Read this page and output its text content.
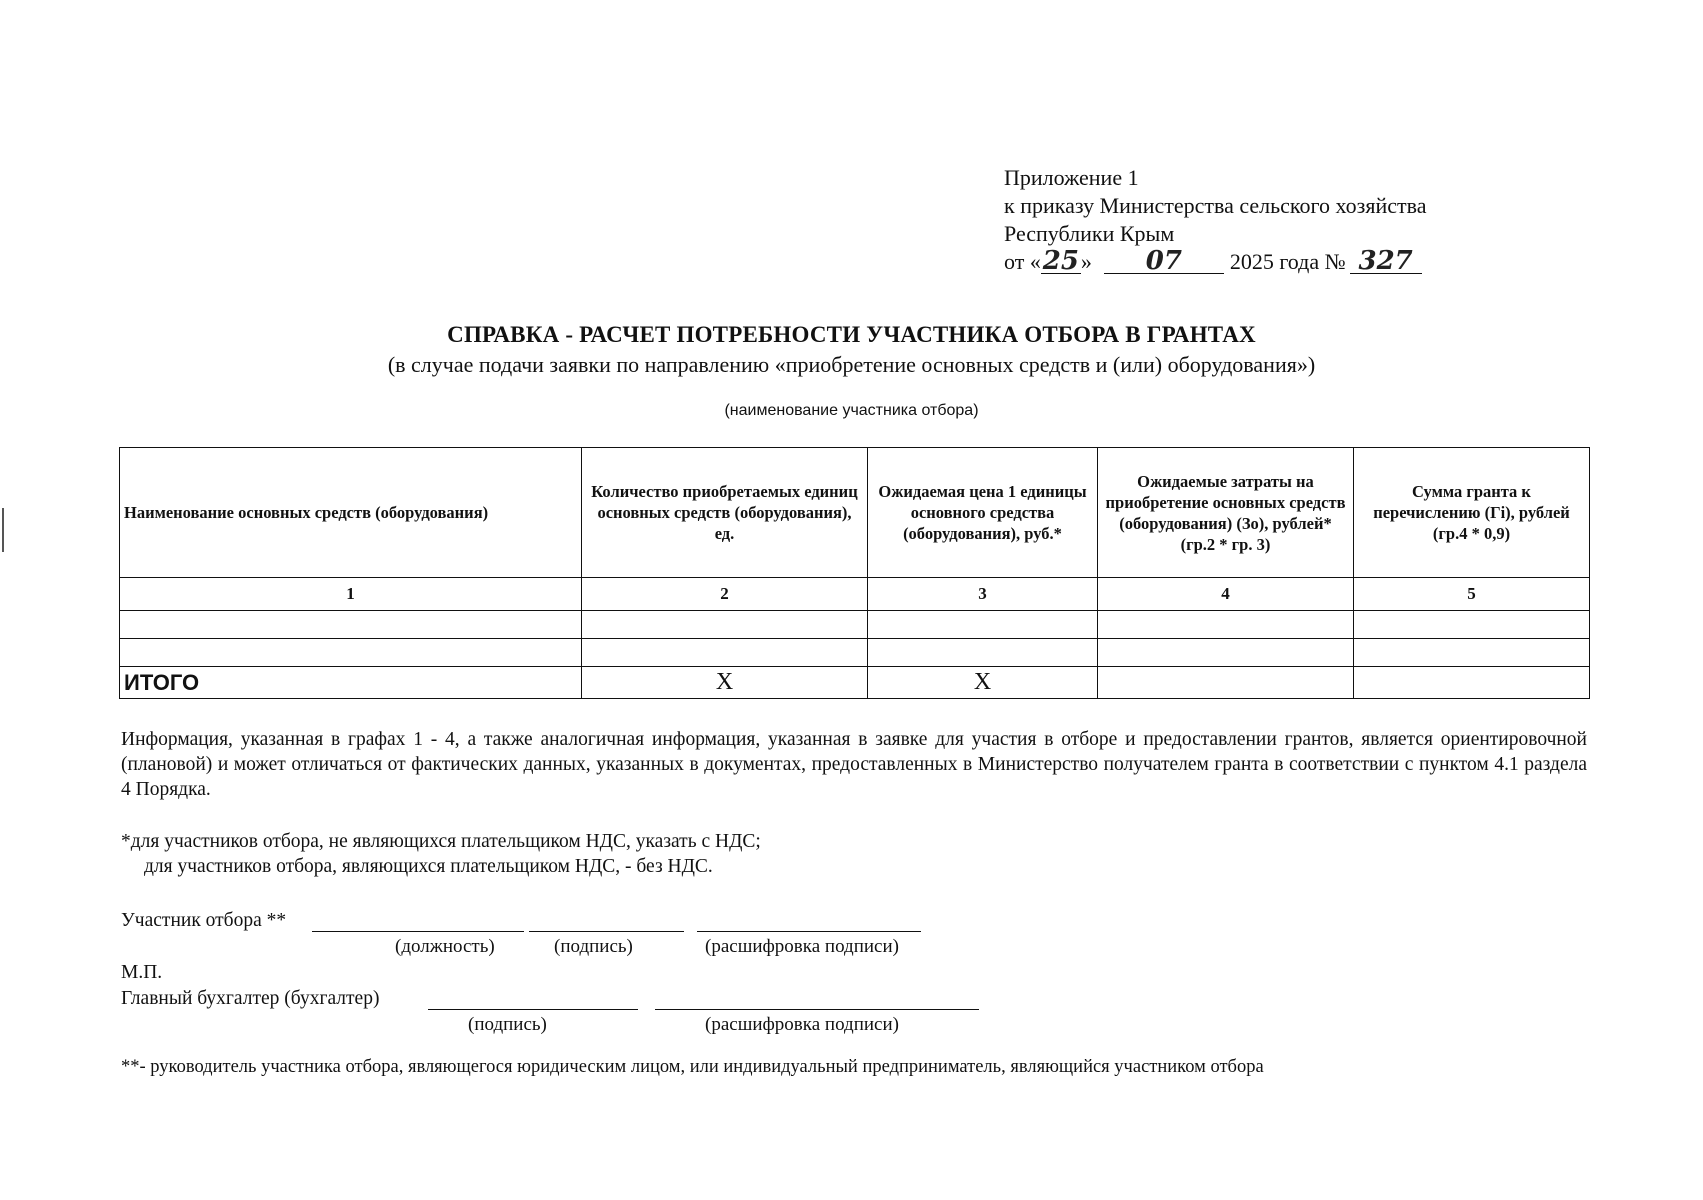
Приложение 1
к приказу Министерства сельского хозяйства
Республики Крым
от «25» 07 2025 года № 327
СПРАВКА - РАСЧЕТ ПОТРЕБНОСТИ УЧАСТНИКА ОТБОРА В ГРАНТАХ
(в случае подачи заявки по направлению «приобретение основных средств и (или) оборудования»)
(наименование участника отбора)
Наименование основных средств (оборудования)	Количество приобретаемых единиц основных средств (оборудования), ед.	Ожидаемая цена 1 единицы основного средства (оборудования), руб.*	Ожидаемые затраты на приобретение основных средств (оборудования) (Зо), рублей* (гр.2 * гр. 3)	Сумма гранта к перечислению (Гi), рублей (гр.4 * 0,9)
1	2	3	4	5

ИТОГО	X	X		
Информация, указанная в графах 1 - 4, а также аналогичная информация, указанная в заявке для участия в отборе и предоставлении грантов, является ориентировочной (плановой) и может отличаться от фактических данных, указанных в документах, предоставленных в Министерство получателем гранта в соответствии с пунктом 4.1 раздела 4 Порядка.
*для участников отбора, не являющихся плательщиком НДС, указать с НДС;
для участников отбора, являющихся плательщиком НДС, - без НДС.
Участник отбора **
(должность)	(подпись)	(расшифровка подписи)
М.П.
Главный бухгалтер (бухгалтер)
(подпись)	(расшифровка подписи)
**- руководитель участника отбора, являющегося юридическим лицом, или индивидуальный предприниматель, являющийся участником отбора
